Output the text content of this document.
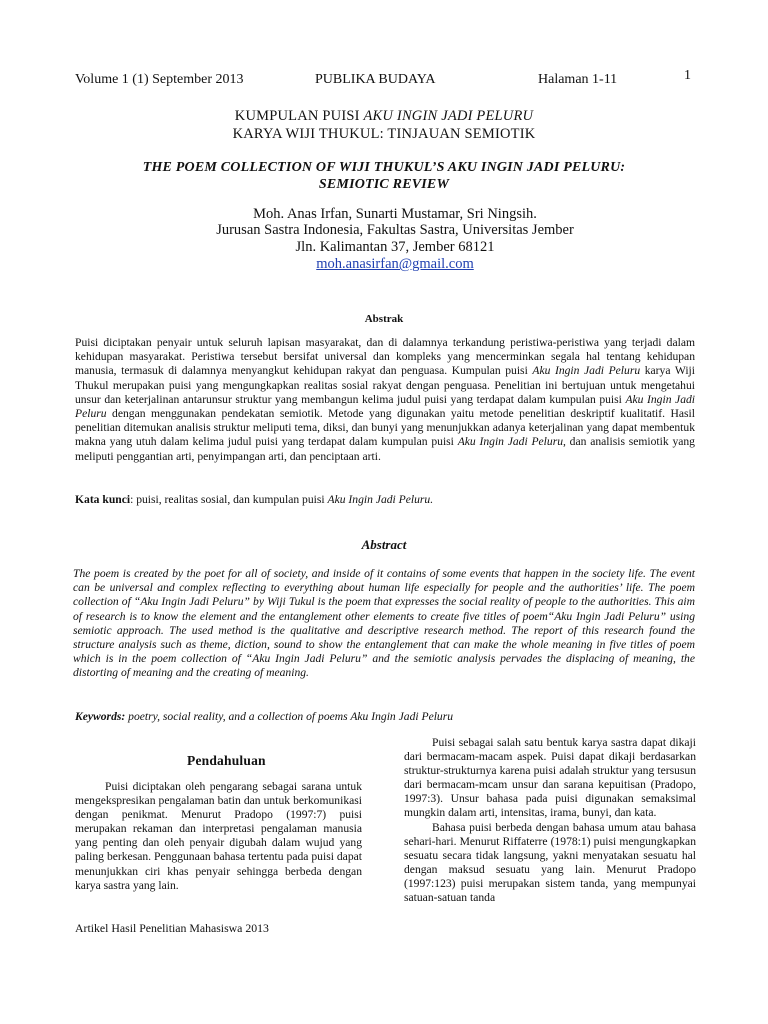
Volume 1 (1) September 2013	PUBLIKA BUDAYA	Halaman 1-11	1
KUMPULAN PUISI AKU INGIN JADI PELURU
KARYA WIJI THUKUL: TINJAUAN SEMIOTIK
THE POEM COLLECTION OF WIJI THUKUL’S AKU INGIN JADI PELURU:
SEMIOTIC REVIEW
Moh. Anas Irfan, Sunarti Mustamar, Sri Ningsih.
Jurusan Sastra Indonesia, Fakultas Sastra, Universitas Jember
Jln. Kalimantan 37, Jember 68121
moh.anasirfan@gmail.com
Abstrak
Puisi diciptakan penyair untuk seluruh lapisan masyarakat, dan di dalamnya terkandung peristiwa-peristiwa yang terjadi dalam kehidupan masyarakat. Peristiwa tersebut bersifat universal dan kompleks yang mencerminkan segala hal tentang kehidupan manusia, termasuk di dalamnya menyangkut kehidupan rakyat dan penguasa. Kumpulan puisi Aku Ingin Jadi Peluru karya Wiji Thukul merupakan puisi yang mengungkapkan realitas sosial rakyat dengan penguasa. Penelitian ini bertujuan untuk mengetahui unsur dan keterjalinan antarunsur struktur yang membangun kelima judul puisi yang terdapat dalam kumpulan puisi Aku Ingin Jadi Peluru dengan menggunakan pendekatan semiotik. Metode yang digunakan yaitu metode penelitian deskriptif kualitatif. Hasil penelitian ditemukan analisis struktur meliputi tema, diksi, dan bunyi yang menunjukkan adanya keterjalinan yang dapat membentuk makna yang utuh dalam kelima judul puisi yang terdapat dalam kumpulan puisi Aku Ingin Jadi Peluru, dan analisis semiotik yang meliputi penggantian arti, penyimpangan arti, dan penciptaan arti.
Kata kunci: puisi, realitas sosial, dan kumpulan puisi Aku Ingin Jadi Peluru.
Abstract
The poem is created by the poet for all of society, and inside of it contains of some events that happen in the society life. The event can be universal and complex reflecting to everything about human life especially for people and the authorities’ life. The poem collection of “Aku Ingin Jadi Peluru” by Wiji Tukul is the poem that expresses the social reality of people to the authorities. This aim of research is to know the element and the entanglement other elements to create five titles of poem“Aku Ingin Jadi Peluru” using semiotic approach. The used method is the qualitative and descriptive research method. The report of this research found the structure analysis such as theme, diction, sound to show the entanglement that can make the whole meaning in five titles of poem which is in the poem collection of “Aku Ingin Jadi Peluru” and the semiotic analysis pervades the displacing of meaning, the distorting of meaning and the creating of meaning.
Keywords: poetry, social reality, and a collection of poems Aku Ingin Jadi Peluru
Pendahuluan

Puisi diciptakan oleh pengarang sebagai sarana untuk mengekspresikan pengalaman batin dan untuk berkomunikasi dengan penikmat. Menurut Pradopo (1997:7) puisi merupakan rekaman dan interpretasi pengalaman manusia yang penting dan oleh penyair digubah dalam wujud yang paling berkesan. Penggunaan bahasa tertentu pada puisi dapat menunjukkan ciri khas penyair sehingga berbeda dengan karya sastra yang lain.

Puisi sebagai salah satu bentuk karya sastra dapat dikaji dari bermacam-macam aspek. Puisi dapat dikaji berdasarkan struktur-strukturnya karena puisi adalah struktur yang tersusun dari bermacam-mcam unsur dan sarana kepuitisan (Pradopo, 1997:3). Unsur bahasa pada puisi digunakan semaksimal mungkin dalam arti, intensitas, irama, bunyi, dan kata.

Bahasa puisi berbeda dengan bahasa umum atau bahasa sehari-hari. Menurut Riffaterre (1978:1) puisi mengungkapkan sesuatu secara tidak langsung, yakni menyatakan sesuatu hal dengan maksud sesuatu yang lain. Menurut Pradopo (1997:123) puisi merupakan sistem tanda, yang mempunyai satuan-satuan tanda

Artikel Hasil Penelitian Mahasiswa 2013
